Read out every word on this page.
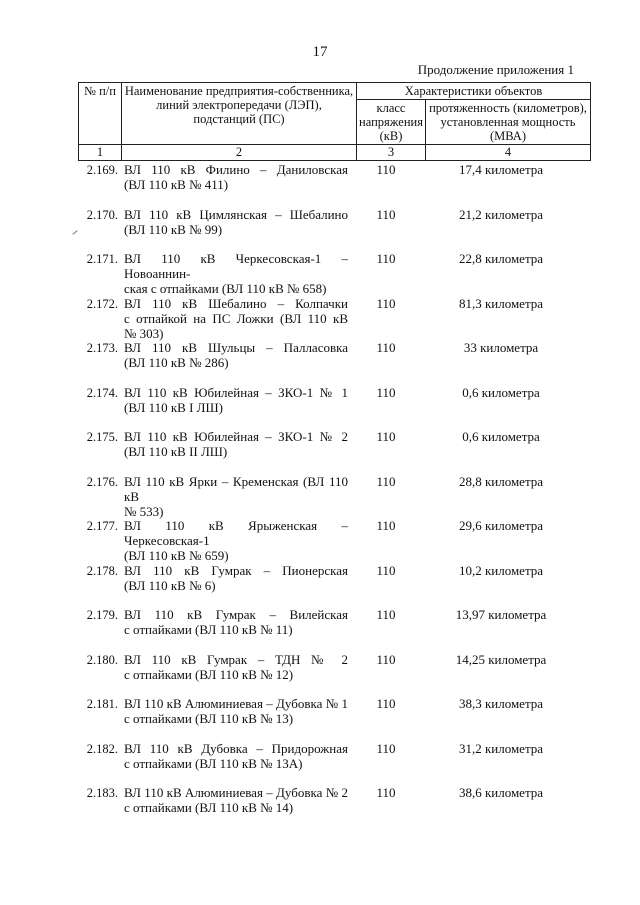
17
Продолжение приложения 1
№ п/п	Наименование предприятия-собственника, линий электропередачи (ЛЭП), подстанций (ПС)	Характеристики объектов	
		класс напряжения (кВ)	протяженность (километров), установленная мощность (МВА)
1	2	3	4
2.169. ВЛ 110 кВ Филино – Даниловская
(ВЛ 110 кВ № 411)
110	17,4 километра
2.170. ВЛ 110 кВ Цимлянская – Шебалино
(ВЛ 110 кВ № 99)
110	21,2 километра
2.171. ВЛ 110 кВ Черкесовская-1 – Новоаннин-
ская с отпайками (ВЛ 110 кВ № 658)
110	22,8 километра
2.172. ВЛ 110 кВ Шебалино – Колпачки
с отпайкой на ПС Ложки (ВЛ 110 кВ
№ 303)
110	81,3 километра
2.173. ВЛ 110 кВ Шульцы – Палласовка
(ВЛ 110 кВ № 286)
110	33 километра
2.174. ВЛ 110 кВ Юбилейная – ЗКО-1 № 1
(ВЛ 110 кВ I ЛШ)
110	0,6 километра
2.175. ВЛ 110 кВ Юбилейная – ЗКО-1 № 2
(ВЛ 110 кВ II ЛШ)
110	0,6 километра
2.176. ВЛ 110 кВ Ярки – Кременская (ВЛ 110 кВ
№ 533)
110	28,8 километра
2.177. ВЛ 110 кВ Ярыженская – Черкесовская-1
(ВЛ 110 кВ № 659)
110	29,6 километра
2.178. ВЛ 110 кВ Гумрак – Пионерская
(ВЛ 110 кВ № 6)
110	10,2 километра
2.179. ВЛ 110 кВ Гумрак – Вилейская
с отпайками (ВЛ 110 кВ № 11)
110	13,97 километра
2.180. ВЛ 110 кВ Гумрак – ТДН № 2
с отпайками (ВЛ 110 кВ № 12)
110	14,25 километра
2.181. ВЛ 110 кВ Алюминиевая – Дубовка № 1
с отпайками (ВЛ 110 кВ № 13)
110	38,3 километра
2.182. ВЛ 110 кВ Дубовка – Придорожная
с отпайками (ВЛ 110 кВ № 13А)
110	31,2 километра
2.183. ВЛ 110 кВ Алюминиевая – Дубовка № 2
с отпайками (ВЛ 110 кВ № 14)
110	38,6 километра
